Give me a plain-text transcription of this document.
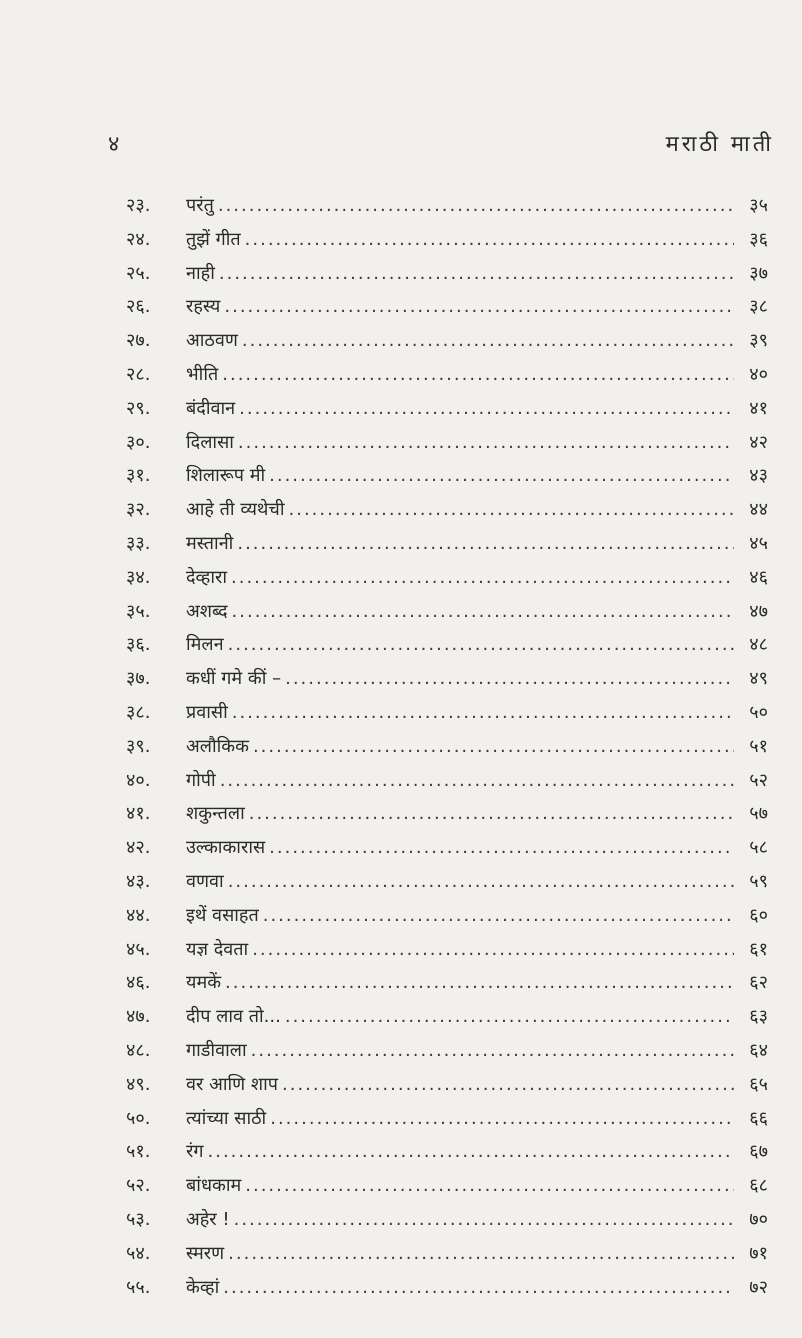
४	मराठी माती
२३.	परंतु .....	३५
२४.	तुझें गीत .....	३६
२५.	नाही .....	३७
२६.	रहस्य .....	३८
२७.	आठवण .....	३९
२८.	भीति .....	४०
२९.	बंदीवान .....	४१
३०.	दिलासा .....	४२
३१.	शिलारूप मी .....	४३
३२.	आहे ती व्यथेची .....	४४
३३.	मस्तानी .....	४५
३४.	देव्हारा .....	४६
३५.	अशब्द .....	४७
३६.	मिलन .....	४८
३७.	कधीं गमे कीं – .....	४९
३८.	प्रवासी .....	५०
३९.	अलौकिक .....	५१
४०.	गोपी .....	५२
४१.	शकुन्तला .....	५७
४२.	उल्काकारास .....	५८
४३.	वणवा .....	५९
४४.	इथें वसाहत .....	६०
४५.	यज्ञ देवता .....	६१
४६.	यमकें .....	६२
४७.	दीप लाव तो... .....	६३
४८.	गाडीवाला .....	६४
४९.	वर आणि शाप .....	६५
५०.	त्यांच्या साठी .....	६६
५१.	रंग .....	६७
५२.	बांधकाम .....	६८
५३.	अहेर ! .....	७०
५४.	स्मरण .....	७१
५५.	केव्हां .....	७२
